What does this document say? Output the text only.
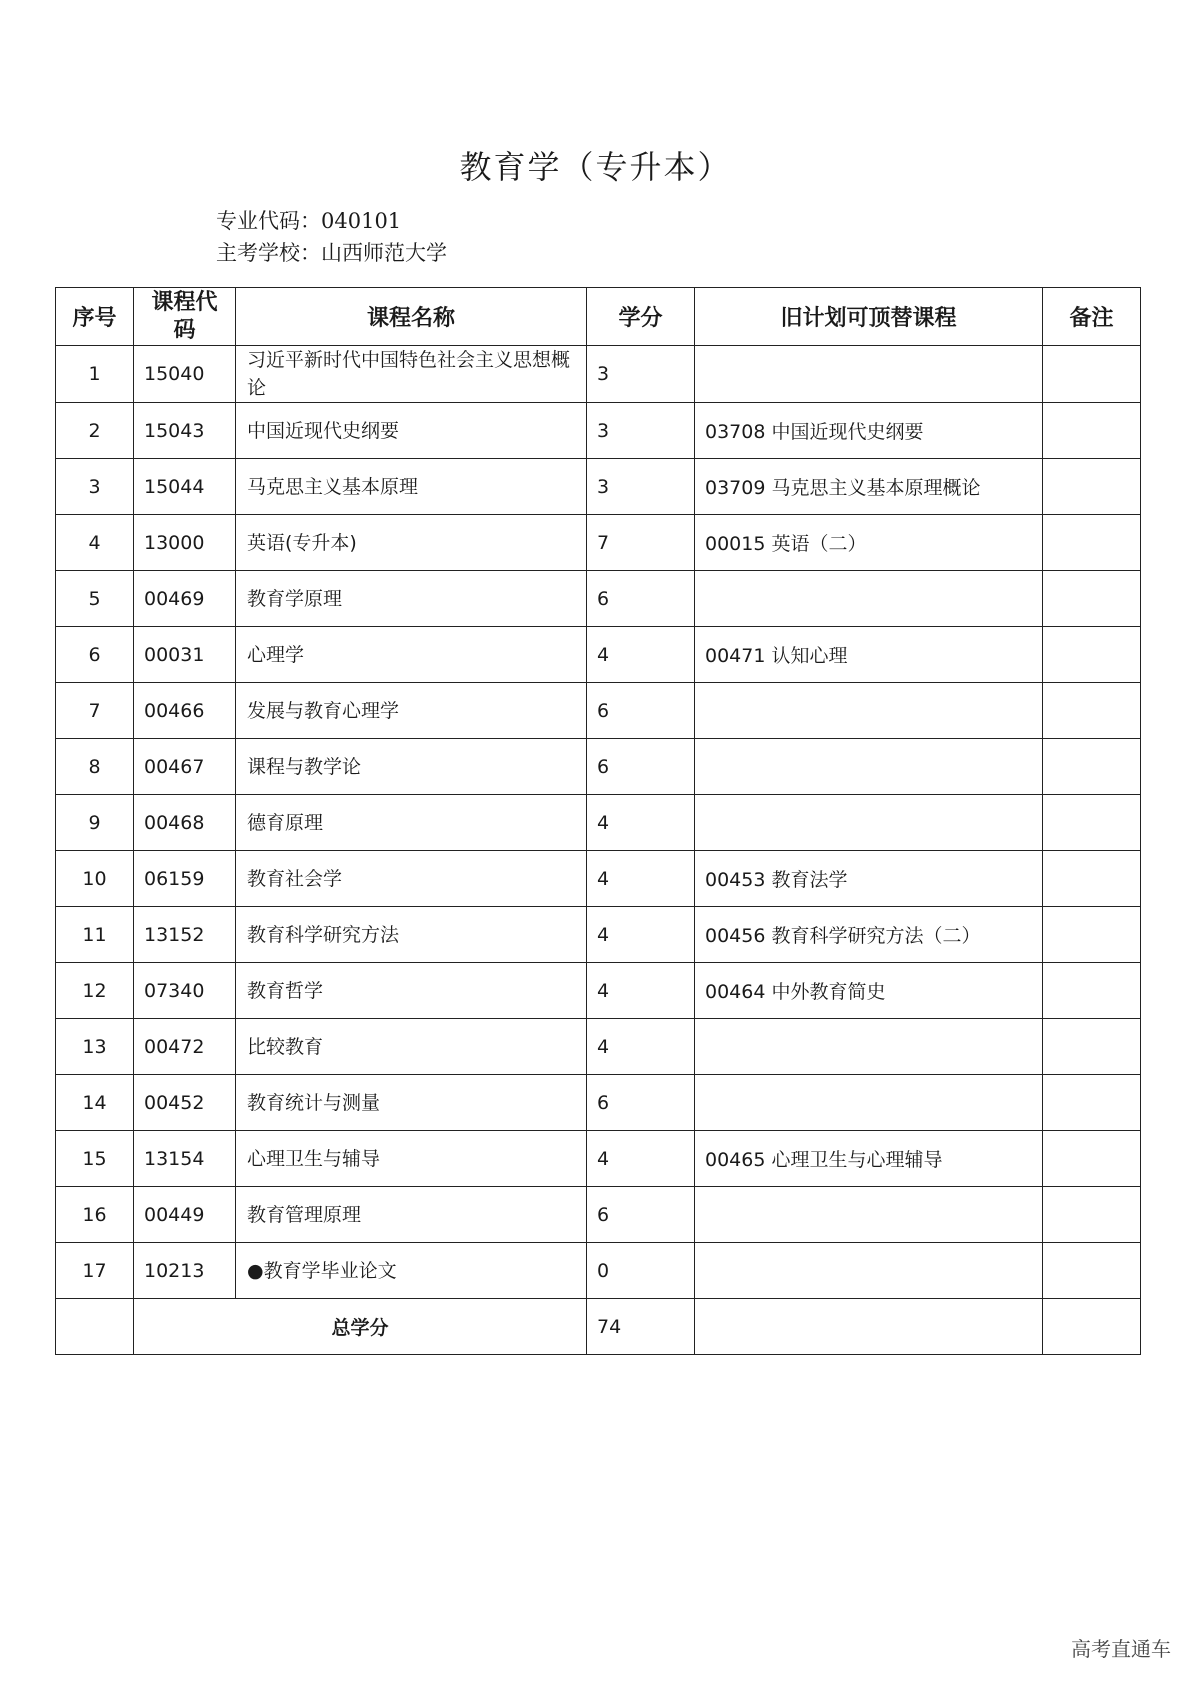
教育学（专升本）
专业代码：040101
主考学校：山西师范大学
序号	课程代码	课程名称	学分	旧计划可顶替课程	备注
1	15040	习近平新时代中国特色社会主义思想概论	3		
2	15043	中国近现代史纲要	3	03708 中国近现代史纲要	
3	15044	马克思主义基本原理	3	03709 马克思主义基本原理概论	
4	13000	英语(专升本)	7	00015 英语（二）	
5	00469	教育学原理	6		
6	00031	心理学	4	00471 认知心理	
7	00466	发展与教育心理学	6		
8	00467	课程与教学论	6		
9	00468	德育原理	4		
10	06159	教育社会学	4	00453 教育法学	
11	13152	教育科学研究方法	4	00456 教育科学研究方法（二）	
12	07340	教育哲学	4	00464 中外教育简史	
13	00472	比较教育	4		
14	00452	教育统计与测量	6		
15	13154	心理卫生与辅导	4	00465 心理卫生与心理辅导	
16	00449	教育管理原理	6		
17	10213	●教育学毕业论文	0		
	总学分		74		
高考直通车
